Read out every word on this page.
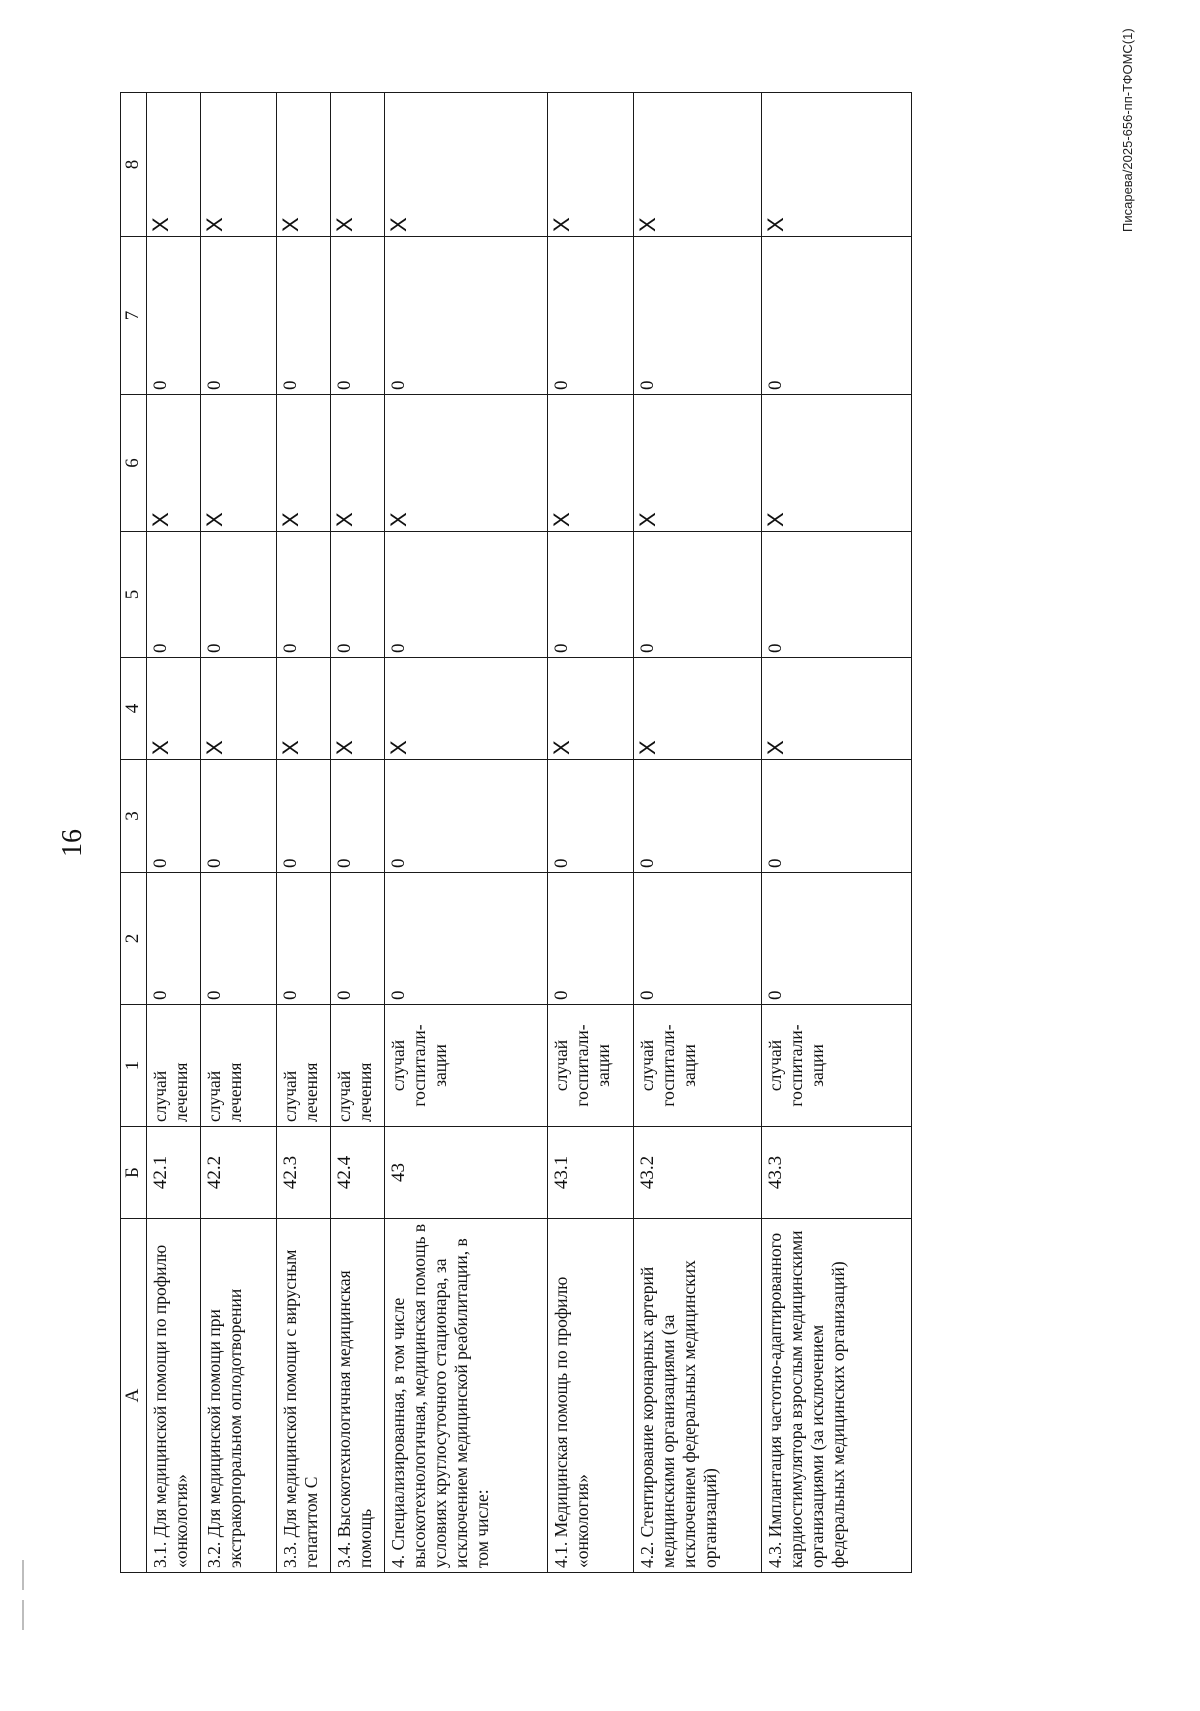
16
Писарева/2025-656-пп-ТФОМС(1)
А	Б	1	2	3	4	5	6	7	8
3.1. Для медицинской помощи по профилю «онкология»	42.1	случай лечения	0	0	X	0	X	0	X
3.2. Для медицинской помощи при экстракорпоральном оплодотворении	42.2	случай лечения	0	0	X	0	X	0	X
3.3. Для медицинской помощи с вирусным гепатитом С	42.3	случай лечения	0	0	X	0	X	0	X
3.4. Высокотехнологичная медицинская помощь	42.4	случай лечения	0	0	X	0	X	0	X
4. Специализированная, в том числе высокотехнологичная, медицинская помощь в условиях круглосуточного стационара, за исключением медицинской реабилитации, в том числе:	43	случай госпитали-зации	0	0	X	0	X	0	X
4.1. Медицинская помощь по профилю «онкология»	43.1	случай госпитали-зации	0	0	X	0	X	0	X
4.2. Стентирование коронарных артерий медицинскими организациями (за исключением федеральных медицинских организаций)	43.2	случай госпитали-зации	0	0	X	0	X	0	X
4.3. Имплантация частотно-адаптированного кардиостимулятора взрослым медицинскими организациями (за исключением федеральных медицинских организаций)	43.3	случай госпитали-зации	0	0	X	0	X	0	X
